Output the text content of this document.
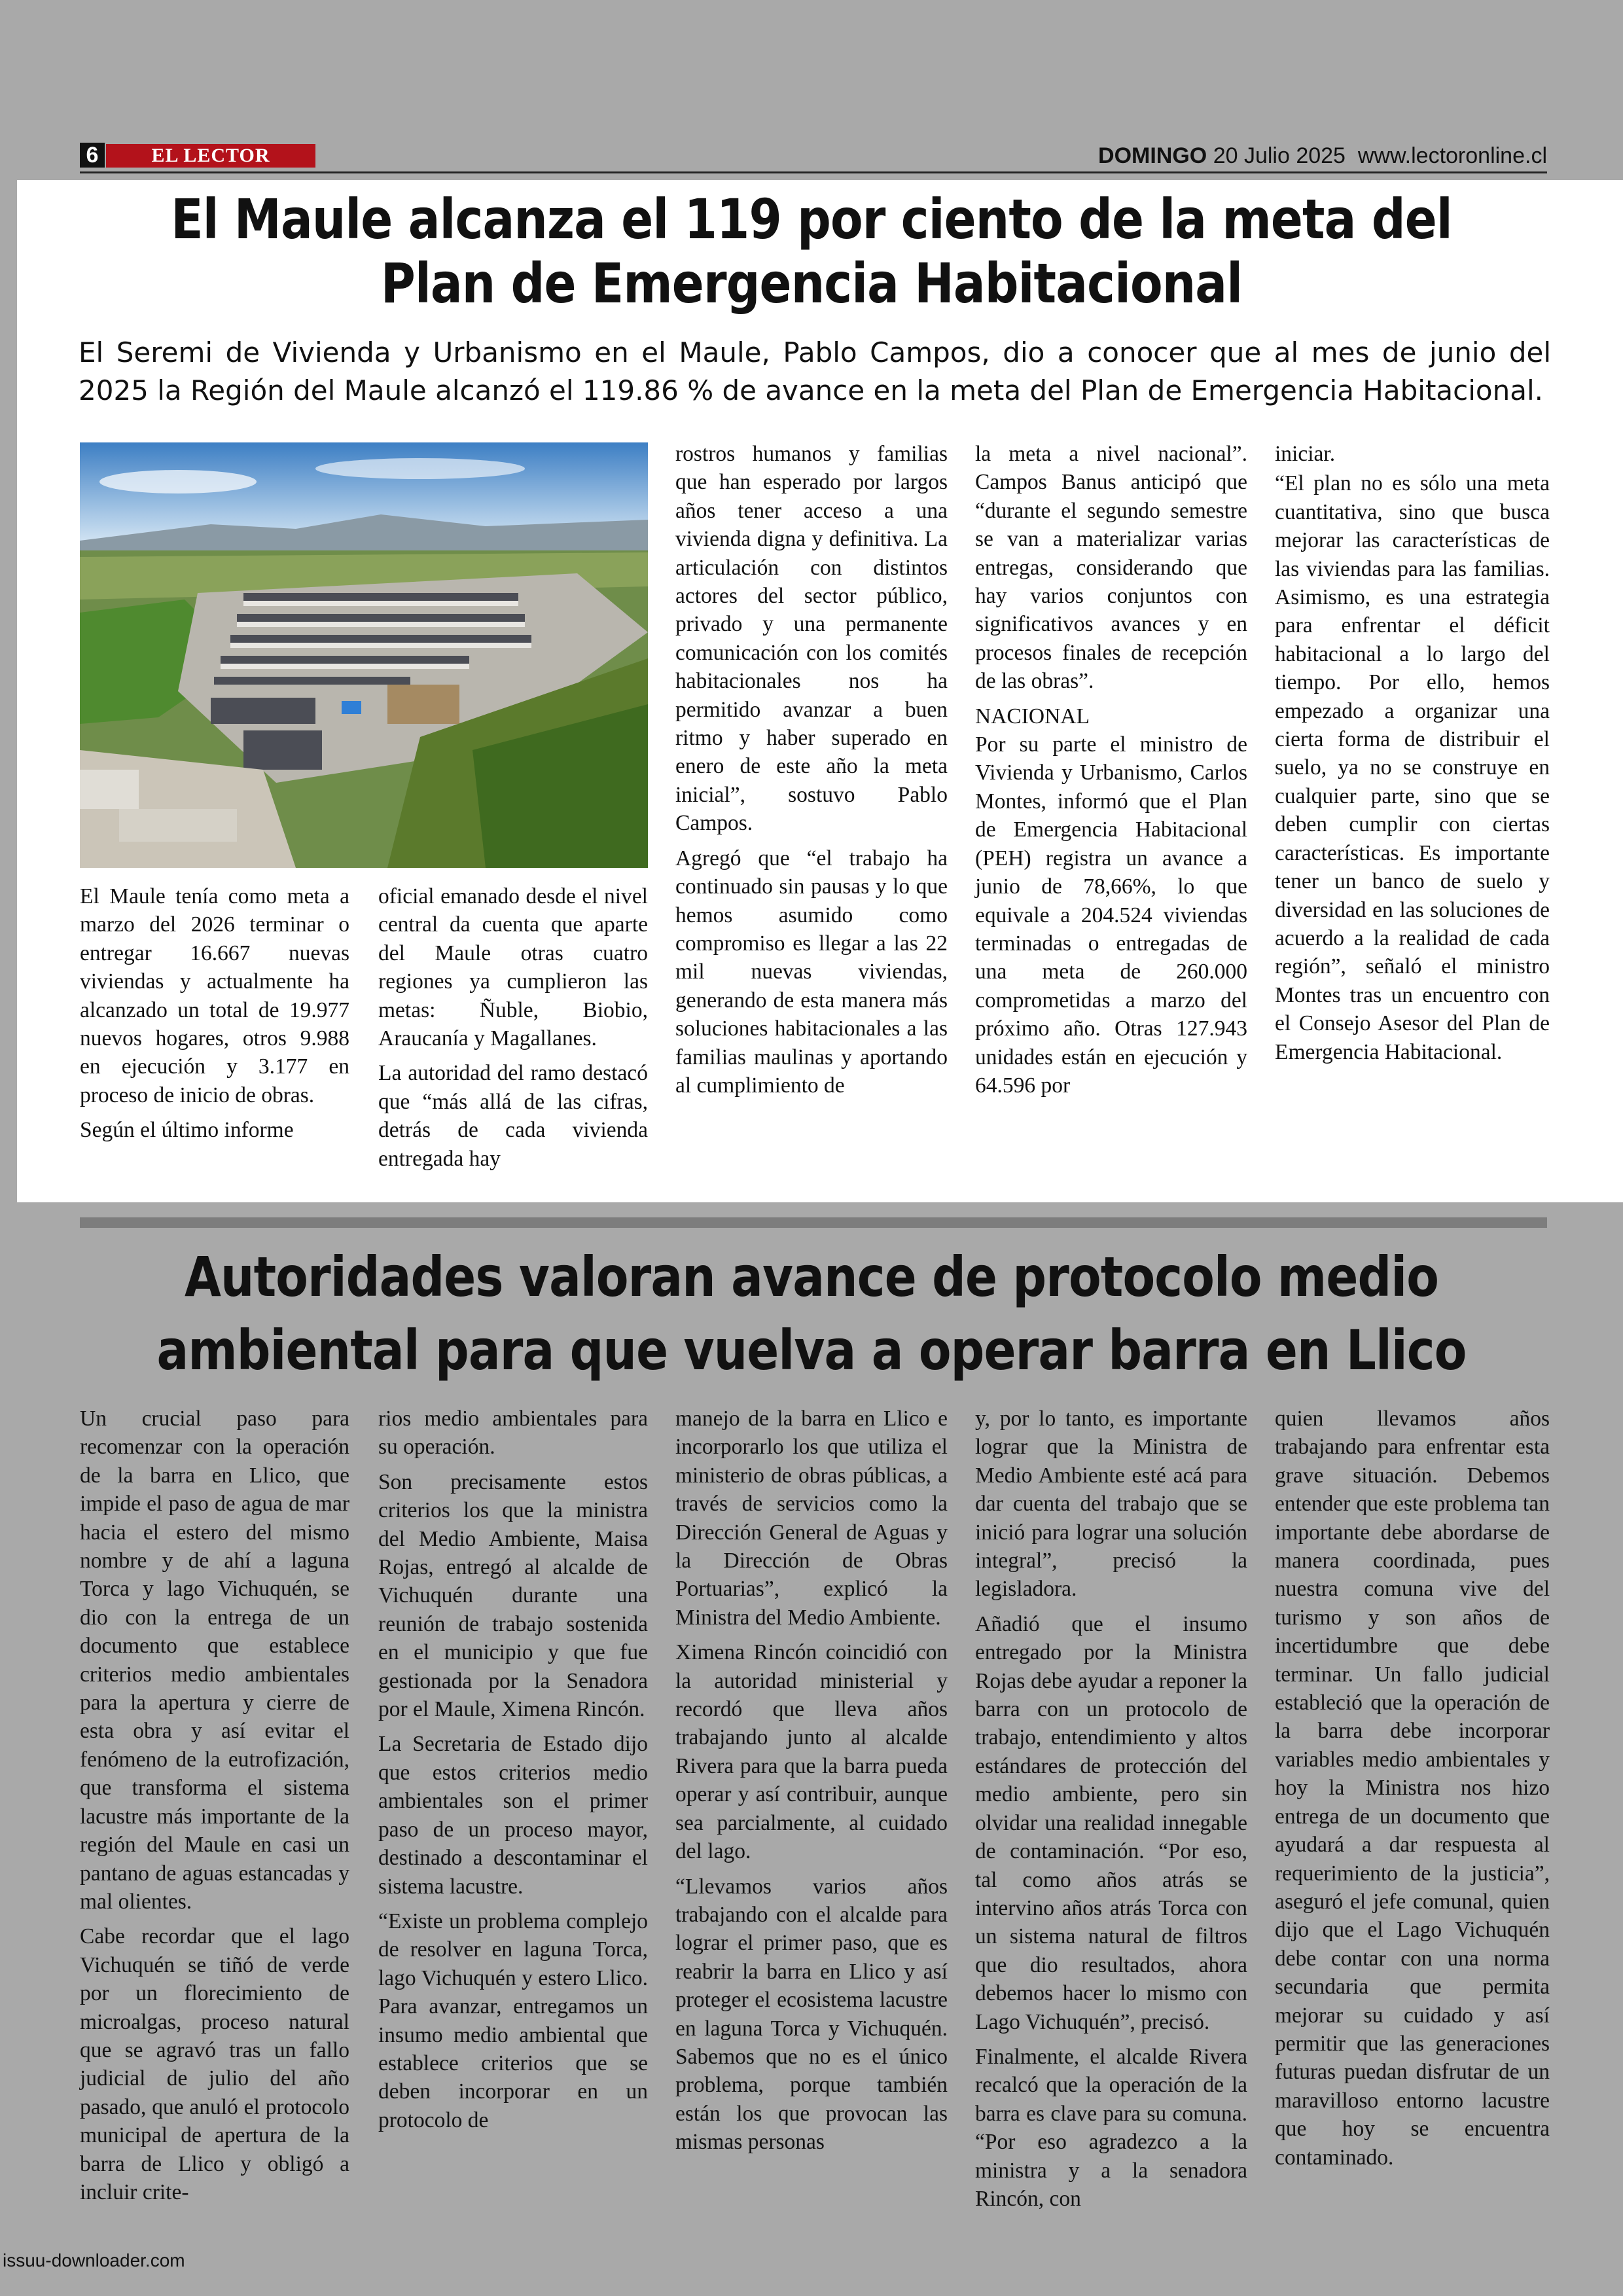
6	EL LECTOR	DOMINGO 20 Julio 2025 www.lectoronline.cl
El Maule alcanza el 119 por ciento de la meta del Plan de Emergencia Habitacional
El Seremi de Vivienda y Urbanismo en el Maule, Pablo Campos, dio a conocer que al mes de junio del
2025 la Región del Maule alcanzó el 119.86 % de avance en la meta del Plan de Emergencia Habitacional.

El Maule tenía como meta a marzo del 2026 terminar o entregar 16.667 nuevas viviendas y actualmente ha alcanzado un total de 19.977 nuevos hogares, otros 9.988 en ejecución y 3.177 en proceso de inicio de obras.

Según el último informe

oficial emanado desde el nivel central da cuenta que aparte del Maule otras cuatro regiones ya cumplieron las metas: Ñuble, Biobio, Araucanía y Magallanes.

La autoridad del ramo destacó que “más allá de las cifras, detrás de cada vivienda entregada hay

rostros humanos y familias que han esperado por largos años tener acceso a una vivienda digna y definitiva. La articulación con distintos actores del sector público, privado y una permanente comunicación con los comités habitacionales nos ha permitido avanzar a buen ritmo y haber superado en enero de este año la meta inicial”, sostuvo Pablo Campos.

Agregó que “el trabajo ha continuado sin pausas y lo que hemos asumido como compromiso es llegar a las 22 mil nuevas viviendas, generando de esta manera más soluciones habitacionales a las familias maulinas y aportando al cumplimiento de

la meta a nivel nacional”. Campos Banus anticipó que “durante el segundo semestre se van a materializar varias entregas, considerando que hay varios conjuntos con significativos avances y en procesos finales de recepción de las obras”.

NACIONAL

Por su parte el ministro de Vivienda y Urbanismo, Carlos Montes, informó que el Plan de Emergencia Habitacional (PEH) registra un avance a junio de 78,66%, lo que equivale a 204.524 viviendas terminadas o entregadas de una meta de 260.000 comprometidas a marzo del próximo año. Otras 127.943 unidades están en ejecución y 64.596 por

iniciar.

“El plan no es sólo una meta cuantitativa, sino que busca mejorar las características de las viviendas para las familias. Asimismo, es una estrategia para enfrentar el déficit habitacional a lo largo del tiempo. Por ello, hemos empezado a organizar una cierta forma de distribuir el suelo, ya no se construye en cualquier parte, sino que se deben cumplir con ciertas características. Es importante tener un banco de suelo y diversidad en las soluciones de acuerdo a la realidad de cada región”, señaló el ministro Montes tras un encuentro con el Consejo Asesor del Plan de Emergencia Habitacional.

Autoridades valoran avance de protocolo medio
ambiental para que vuelva a operar barra en Llico

Un crucial paso para recomenzar con la operación de la barra en Llico, que impide el paso de agua de mar hacia el estero del mismo nombre y de ahí a laguna Torca y lago Vichuquén, se dio con la entrega de un documento que establece criterios medio ambientales para la apertura y cierre de esta obra y así evitar el fenómeno de la eutrofización, que transforma el sistema lacustre más importante de la región del Maule en casi un pantano de aguas estancadas y mal olientes.

Cabe recordar que el lago Vichuquén se tiñó de verde por un florecimiento de microalgas, proceso natural que se agravó tras un fallo judicial de julio del año pasado, que anuló el protocolo municipal de apertura de la barra de Llico y obligó a incluir crite-

rios medio ambientales para su operación.

Son precisamente estos criterios los que la ministra del Medio Ambiente, Maisa Rojas, entregó al alcalde de Vichuquén durante una reunión de trabajo sostenida en el municipio y que fue gestionada por la Senadora por el Maule, Ximena Rincón.

La Secretaria de Estado dijo que estos criterios medio ambientales son el primer paso de un proceso mayor, destinado a descontaminar el sistema lacustre.

“Existe un problema complejo de resolver en laguna Torca, lago Vichuquén y estero Llico. Para avanzar, entregamos un insumo medio ambiental que establece criterios que se deben incorporar en un protocolo de

manejo de la barra en Llico e incorporarlo los que utiliza el ministerio de obras públicas, a través de servicios como la Dirección General de Aguas y la Dirección de Obras Portuarias”, explicó la Ministra del Medio Ambiente.

Ximena Rincón coincidió con la autoridad ministerial y recordó que lleva años trabajando junto al alcalde Rivera para que la barra pueda operar y así contribuir, aunque sea parcialmente, al cuidado del lago.

“Llevamos varios años trabajando con el alcalde para lograr el primer paso, que es reabrir la barra en Llico y así proteger el ecosistema lacustre en laguna Torca y Vichuquén. Sabemos que no es el único problema, porque también están los que provocan las mismas personas

y, por lo tanto, es importante lograr que la Ministra de Medio Ambiente esté acá para dar cuenta del trabajo que se inició para lograr una solución integral”, precisó la legisladora.

Añadió que el insumo entregado por la Ministra Rojas debe ayudar a reponer la barra con un protocolo de trabajo, entendimiento y altos estándares de protección del medio ambiente, pero sin olvidar una realidad innegable de contaminación. “Por eso, tal como años atrás se intervino años atrás Torca con un sistema natural de filtros que dio resultados, ahora debemos hacer lo mismo con Lago Vichuquén”, precisó.

Finalmente, el alcalde Rivera recalcó que la operación de la barra es clave para su comuna. “Por eso agradezco a la ministra y a la senadora Rincón, con

quien llevamos años trabajando para enfrentar esta grave situación. Debemos entender que este problema tan importante debe abordarse de manera coordinada, pues nuestra comuna vive del turismo y son años de incertidumbre que debe terminar. Un fallo judicial estableció que la operación de la barra debe incorporar variables medio ambientales y hoy la Ministra nos hizo entrega de un documento que ayudará a dar respuesta al requerimiento de la justicia”, aseguró el jefe comunal, quien dijo que el Lago Vichuquén debe contar con una norma secundaria que permita mejorar su cuidado y así permitir que las generaciones futuras puedan disfrutar de un maravilloso entorno lacustre que hoy se encuentra contaminado.

issuu-downloader.com
